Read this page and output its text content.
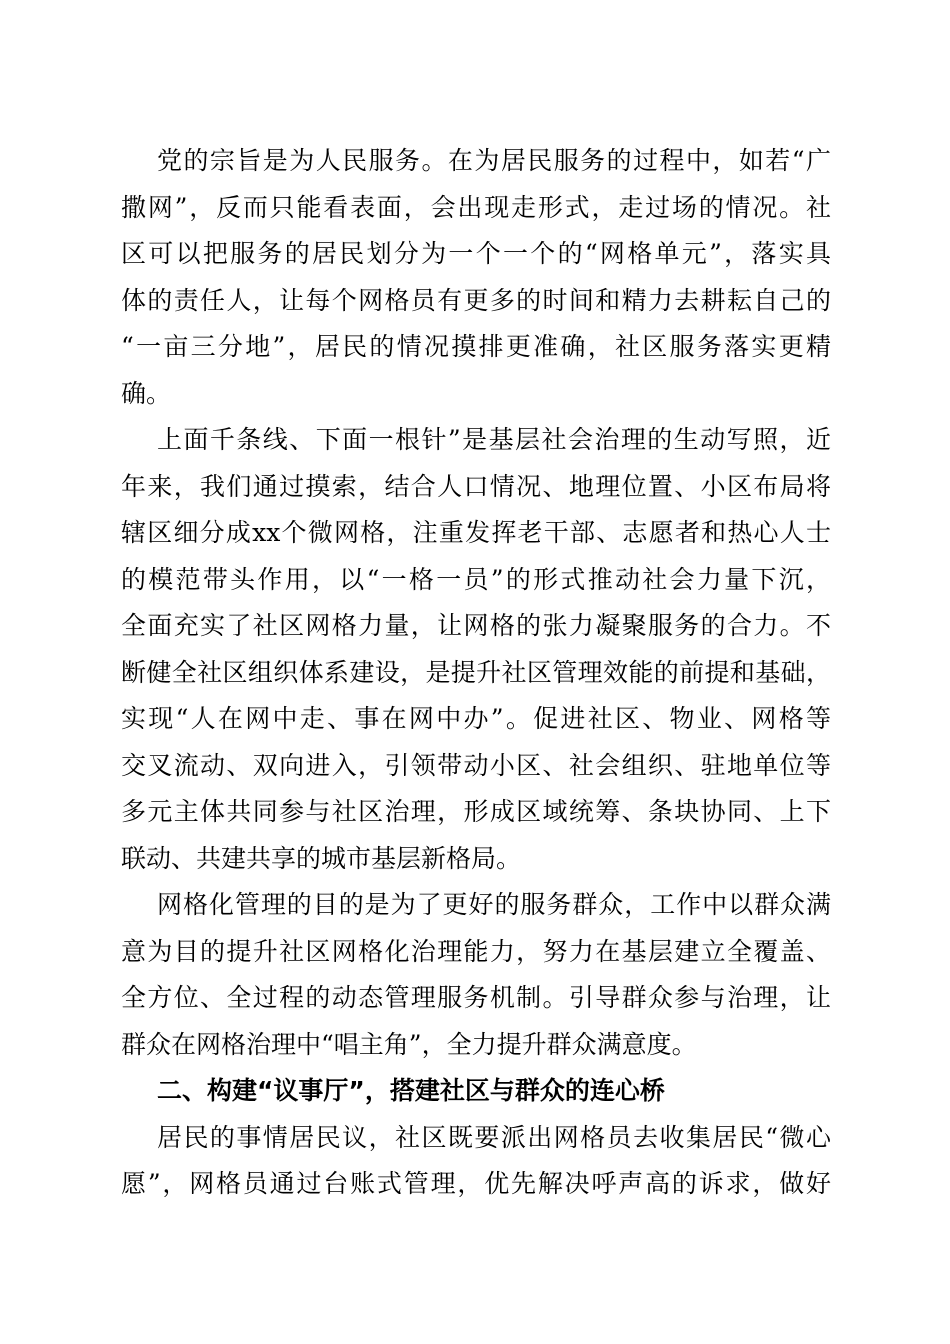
党的宗旨是为人民服务。在为居民服务的过程中，如若“广
撒网”，反而只能看表面，会出现走形式，走过场的情况。社
区可以把服务的居民划分为一个一个的“网格单元”，落实具
体的责任人，让每个网格员有更多的时间和精力去耕耘自己的
“一亩三分地”，居民的情况摸排更准确，社区服务落实更精
确。
上面千条线、下面一根针”是基层社会治理的生动写照，近
年来，我们通过摸索，结合人口情况、地理位置、小区布局将
辖区细分成xx个微网格，注重发挥老干部、志愿者和热心人士
的模范带头作用，以“一格一员”的形式推动社会力量下沉，
全面充实了社区网格力量，让网格的张力凝聚服务的合力。不
断健全社区组织体系建设，是提升社区管理效能的前提和基础，
实现“人在网中走、事在网中办”。促进社区、物业、网格等
交叉流动、双向进入，引领带动小区、社会组织、驻地单位等
多元主体共同参与社区治理，形成区域统筹、条块协同、上下
联动、共建共享的城市基层新格局。
网格化管理的目的是为了更好的服务群众，工作中以群众满
意为目的提升社区网格化治理能力，努力在基层建立全覆盖、
全方位、全过程的动态管理服务机制。引导群众参与治理，让
群众在网格治理中“唱主角”，全力提升群众满意度。
二、构建“议事厅”，搭建社区与群众的连心桥
居民的事情居民议，社区既要派出网格员去收集居民“微心
愿”，网格员通过台账式管理，优先解决呼声高的诉求，做好
